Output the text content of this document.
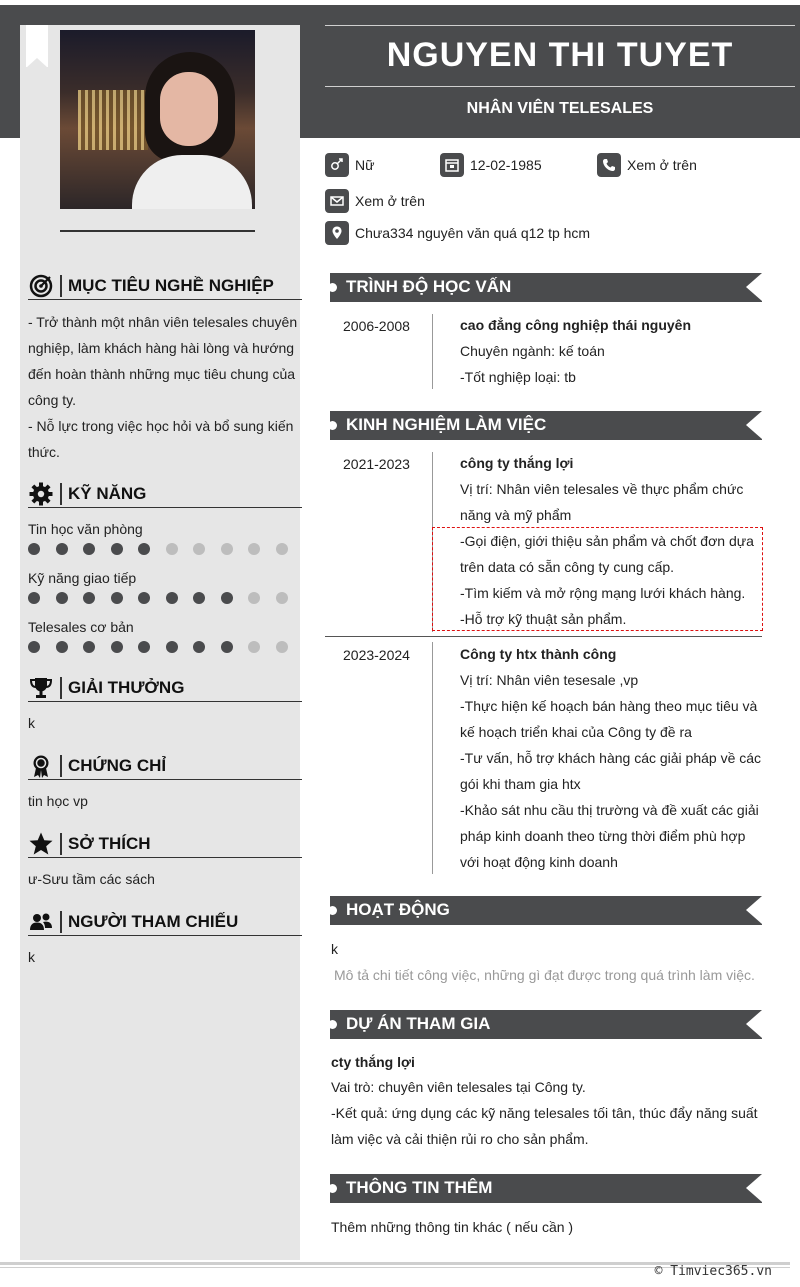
NGUYEN THI TUYET
NHÂN VIÊN TELESALES
Nữ	12-02-1985	Xem ở trên
Xem ở trên
Chưa334 nguyên văn quá q12 tp hcm
MỤC TIÊU NGHỀ NGHIỆP
- Trở thành một nhân viên telesales chuyên
nghiệp, làm khách hàng hài lòng và hướng
đến hoàn thành những mục tiêu chung của
công ty.
- Nỗ lực trong việc học hỏi và bổ sung kiến
thức.
KỸ NĂNG
Tin học văn phòng
Kỹ năng giao tiếp
Telesales cơ bản
GIẢI THƯỞNG
k
CHỨNG CHỈ
tin học vp
SỞ THÍCH
ư-Sưu tầm các sách
NGƯỜI THAM CHIẾU
k
TRÌNH ĐỘ HỌC VẤN
2006-2008	cao đẳng công nghiệp thái nguyên
Chuyên ngành: kế toán
-Tốt nghiệp loại: tb
KINH NGHIỆM LÀM VIỆC
2021-2023	công ty thắng lợi
Vị trí: Nhân viên telesales về thực phẩm chức
năng và mỹ phẩm
-Gọi điện, giới thiệu sản phẩm và chốt đơn dựa
trên data có sẵn công ty cung cấp.
-Tìm kiếm và mở rộng mạng lưới khách hàng.
-Hỗ trợ kỹ thuật sản phẩm.
2023-2024	Công ty htx thành công
Vị trí: Nhân viên tesesale ,vp
-Thực hiện kế hoạch bán hàng theo mục tiêu và
kế hoạch triển khai của Công ty đề ra
-Tư vấn, hỗ trợ khách hàng các giải pháp về các
gói khi tham gia htx
-Khảo sát nhu cầu thị trường và đề xuất các giải
pháp kinh doanh theo từng thời điểm phù hợp
với hoạt động kinh doanh
HOẠT ĐỘNG
k
Mô tả chi tiết công việc, những gì đạt được trong quá trình làm việc.
DỰ ÁN THAM GIA
cty thắng lợi
Vai trò: chuyên viên telesales tại Công ty.
-Kết quả: ứng dụng các kỹ năng telesales tối tân, thúc đẩy năng suất
làm việc và cải thiện rủi ro cho sản phẩm.
THÔNG TIN THÊM
Thêm những thông tin khác ( nếu cần )
© Timviec365.vn
